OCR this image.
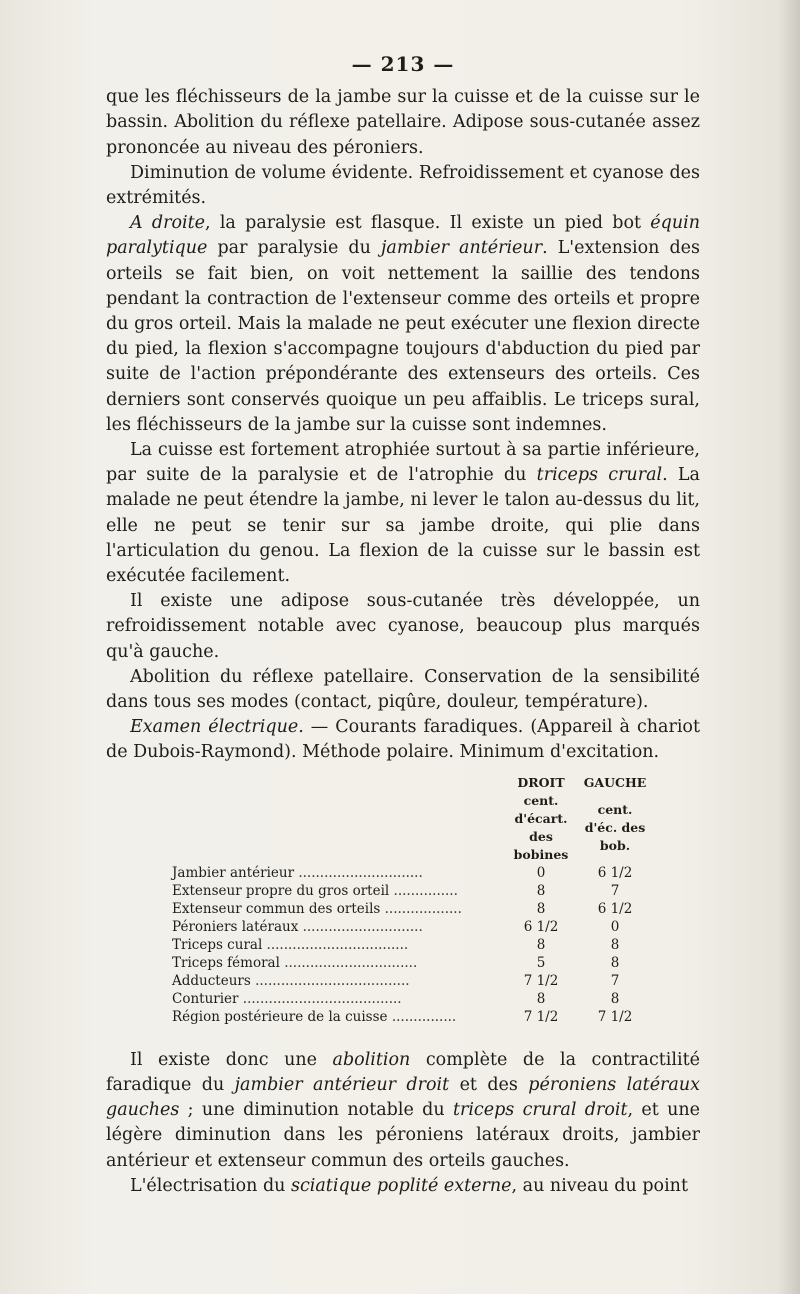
— 213 —

que les fléchisseurs de la jambe sur la cuisse et de la cuisse sur le bassin. Abolition du réflexe patellaire. Adipose sous-cutanée assez prononcée au niveau des péroniers.

Diminution de volume évidente. Refroidissement et cyanose des extrémités.

A droite, la paralysie est flasque. Il existe un pied bot équin paralytique par paralysie du jambier antérieur. L'extension des orteils se fait bien, on voit nettement la saillie des tendons pendant la contraction de l'extenseur comme des orteils et propre du gros orteil. Mais la malade ne peut exécuter une flexion directe du pied, la flexion s'accompagne toujours d'abduction du pied par suite de l'action prépondérante des extenseurs des orteils. Ces derniers sont conservés quoique un peu affaiblis. Le triceps sural, les fléchisseurs de la jambe sur la cuisse sont indemnes.

La cuisse est fortement atrophiée surtout à sa partie inférieure, par suite de la paralysie et de l'atrophie du triceps crural. La malade ne peut étendre la jambe, ni lever le talon au-dessus du lit, elle ne peut se tenir sur sa jambe droite, qui plie dans l'articulation du genou. La flexion de la cuisse sur le bassin est exécutée facilement.

Il existe une adipose sous-cutanée très développée, un refroidissement notable avec cyanose, beaucoup plus marqués qu'à gauche.

Abolition du réflexe patellaire. Conservation de la sensibilité dans tous ses modes (contact, piqûre, douleur, température).

Examen électrique. — Courants faradiques. (Appareil à chariot de Dubois-Raymond). Méthode polaire. Minimum d'excitation.

	DROIT	GAUCHE
	cent. d'écart. des bobines	cent. d'éc. des bob.
Jambier antérieur .............................	0	6 1/2
Extenseur propre du gros orteil ...............	8	7
Extenseur commun des orteils ..................	8	6 1/2
Péroniers latéraux ............................	6 1/2	0
Triceps cural .................................	8	8
Triceps fémoral ...............................	5	8
Adducteurs ....................................	7 1/2	7
Conturier .....................................	8	8
Région postérieure de la cuisse ...............	7 1/2	7 1/2

Il existe donc une abolition complète de la contractilité faradique du jambier antérieur droit et des péroniens latéraux gauches ; une diminution notable du triceps crural droit, et une légère diminution dans les péroniens latéraux droits, jambier antérieur et extenseur commun des orteils gauches.

L'électrisation du sciatique poplité externe, au niveau du point
